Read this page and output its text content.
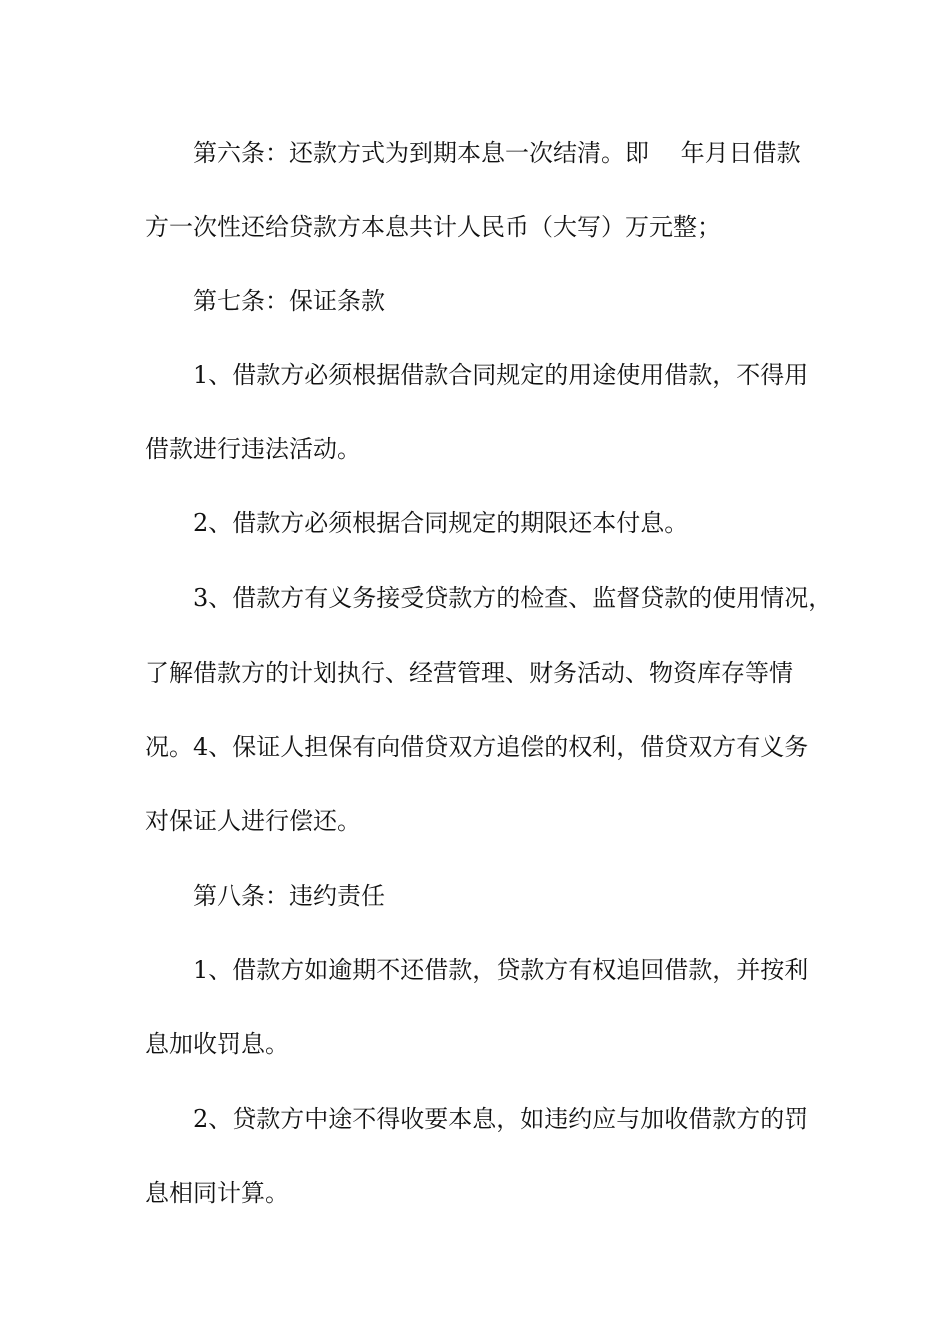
第六条：还款方式为到期本息一次结清。即　 年月日借款
方一次性还给贷款方本息共计人民币（大写）万元整；
第七条：保证条款
1、借款方必须根据借款合同规定的用途使用借款，不得用
借款进行违法活动。
2、借款方必须根据合同规定的期限还本付息。
3、借款方有义务接受贷款方的检查、监督贷款的使用情况，
了解借款方的计划执行、经营管理、财务活动、物资库存等情
况。4、保证人担保有向借贷双方追偿的权利，借贷双方有义务
对保证人进行偿还。
第八条：违约责任
1、借款方如逾期不还借款，贷款方有权追回借款，并按利
息加收罚息。
2、贷款方中途不得收要本息，如违约应与加收借款方的罚
息相同计算。
